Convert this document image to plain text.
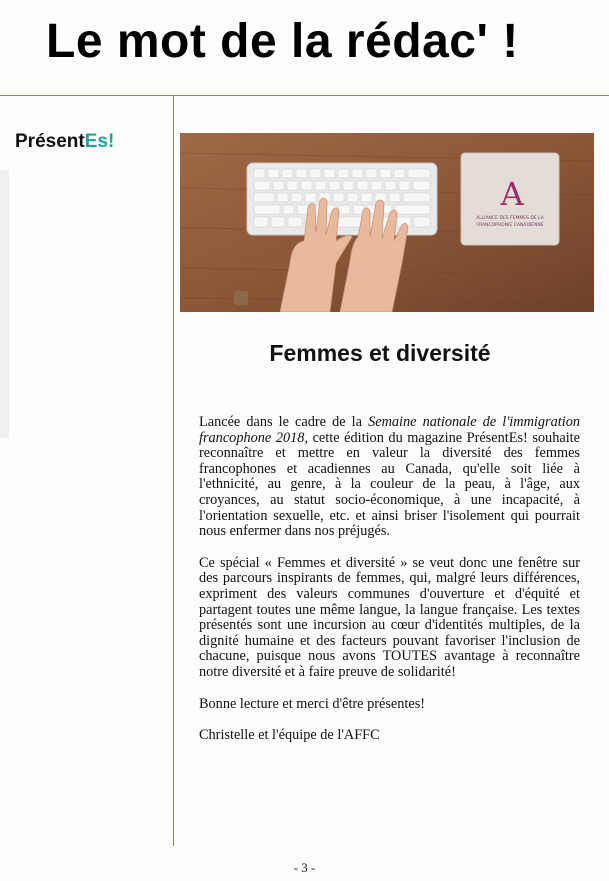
Le mot de la rédac' !
PrésentEs!
A
ALLIANCE DES FEMMES DE LA
FRANCOPHONIE CANADIENNE
Femmes et diversité

Lancée dans le cadre de la Semaine nationale de l'immigration francophone 2018, cette édition du magazine PrésentEs! souhaite reconnaître et mettre en valeur la diversité des femmes francophones et acadiennes au Canada, qu'elle soit liée à l'ethnicité, au genre, à la couleur de la peau, à l'âge, aux croyances, au statut socio-économique, à une incapacité, à l'orientation sexuelle, etc. et ainsi briser l'isolement qui pourrait nous enfermer dans nos préjugés.

Ce spécial « Femmes et diversité » se veut donc une fenêtre sur des parcours inspirants de femmes, qui, malgré leurs différences, expriment des valeurs communes d'ouverture et d'équité et partagent toutes une même langue, la langue française. Les textes présentés sont une incursion au cœur d'identités multiples, de la dignité humaine et des facteurs pouvant favoriser l'inclusion de chacune, puisque nous avons TOUTES avantage à reconnaître notre diversité et à faire preuve de solidarité!

Bonne lecture et merci d'être présentes!

Christelle et l'équipe de l'AFFC

- 3 -
